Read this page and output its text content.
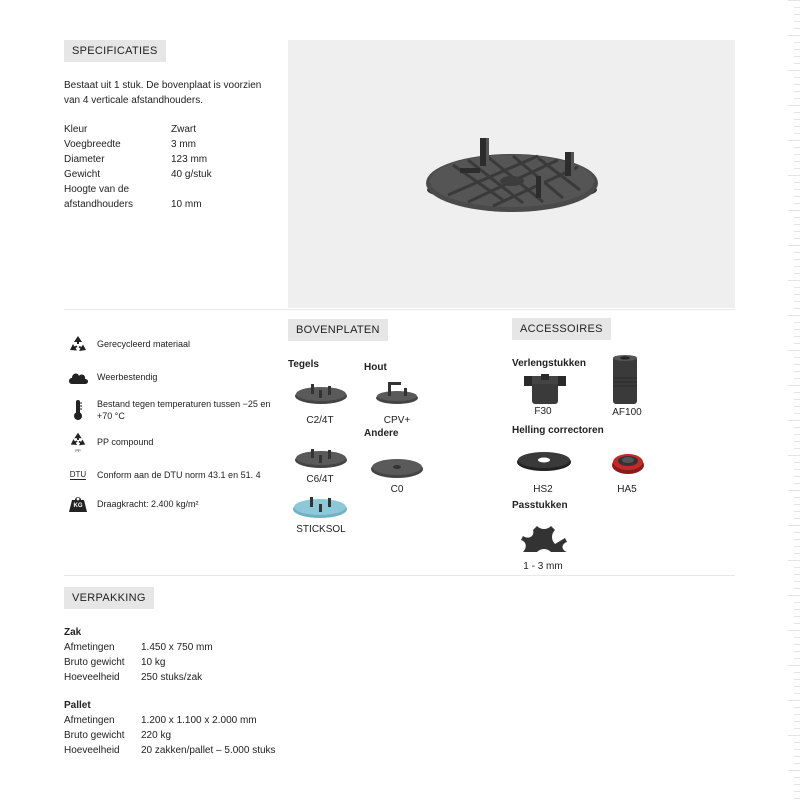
SPECIFICATIES
Bestaat uit 1 stuk. De bovenplaat is voorzien van 4 verticale afstandhouders.
Kleur	Zwart
Voegbreedte	3 mm
Diameter	123 mm
Gewicht	40 g/stuk
Hoogte van de afstandhouders	10 mm
Gerecycleerd materiaal
Weerbestendig
Bestand tegen temperaturen tussen −25 en +70 °C
PP
PP compound
DTU Conform aan de DTU norm 43.1 en 51. 4
KG	Draagkracht: 2.400 kg/m²
BOVENPLATEN
Tegels	Hout
C2/4T	CPV+
Andere
C6/4T
C0
STICKSOL
ACCESSOIRES
Verlengstukken
F30	AF100
Helling correctoren
HS2	HA5
Passtukken
1 - 3 mm
VERPAKKING
Zak
Afmetingen	1.450 x 750 mm
Bruto gewicht	10 kg
Hoeveelheid	250 stuks/zak
Pallet
Afmetingen	1.200 x 1.100 x 2.000 mm
Bruto gewicht	220 kg
Hoeveelheid	20 zakken/pallet – 5.000 stuks
